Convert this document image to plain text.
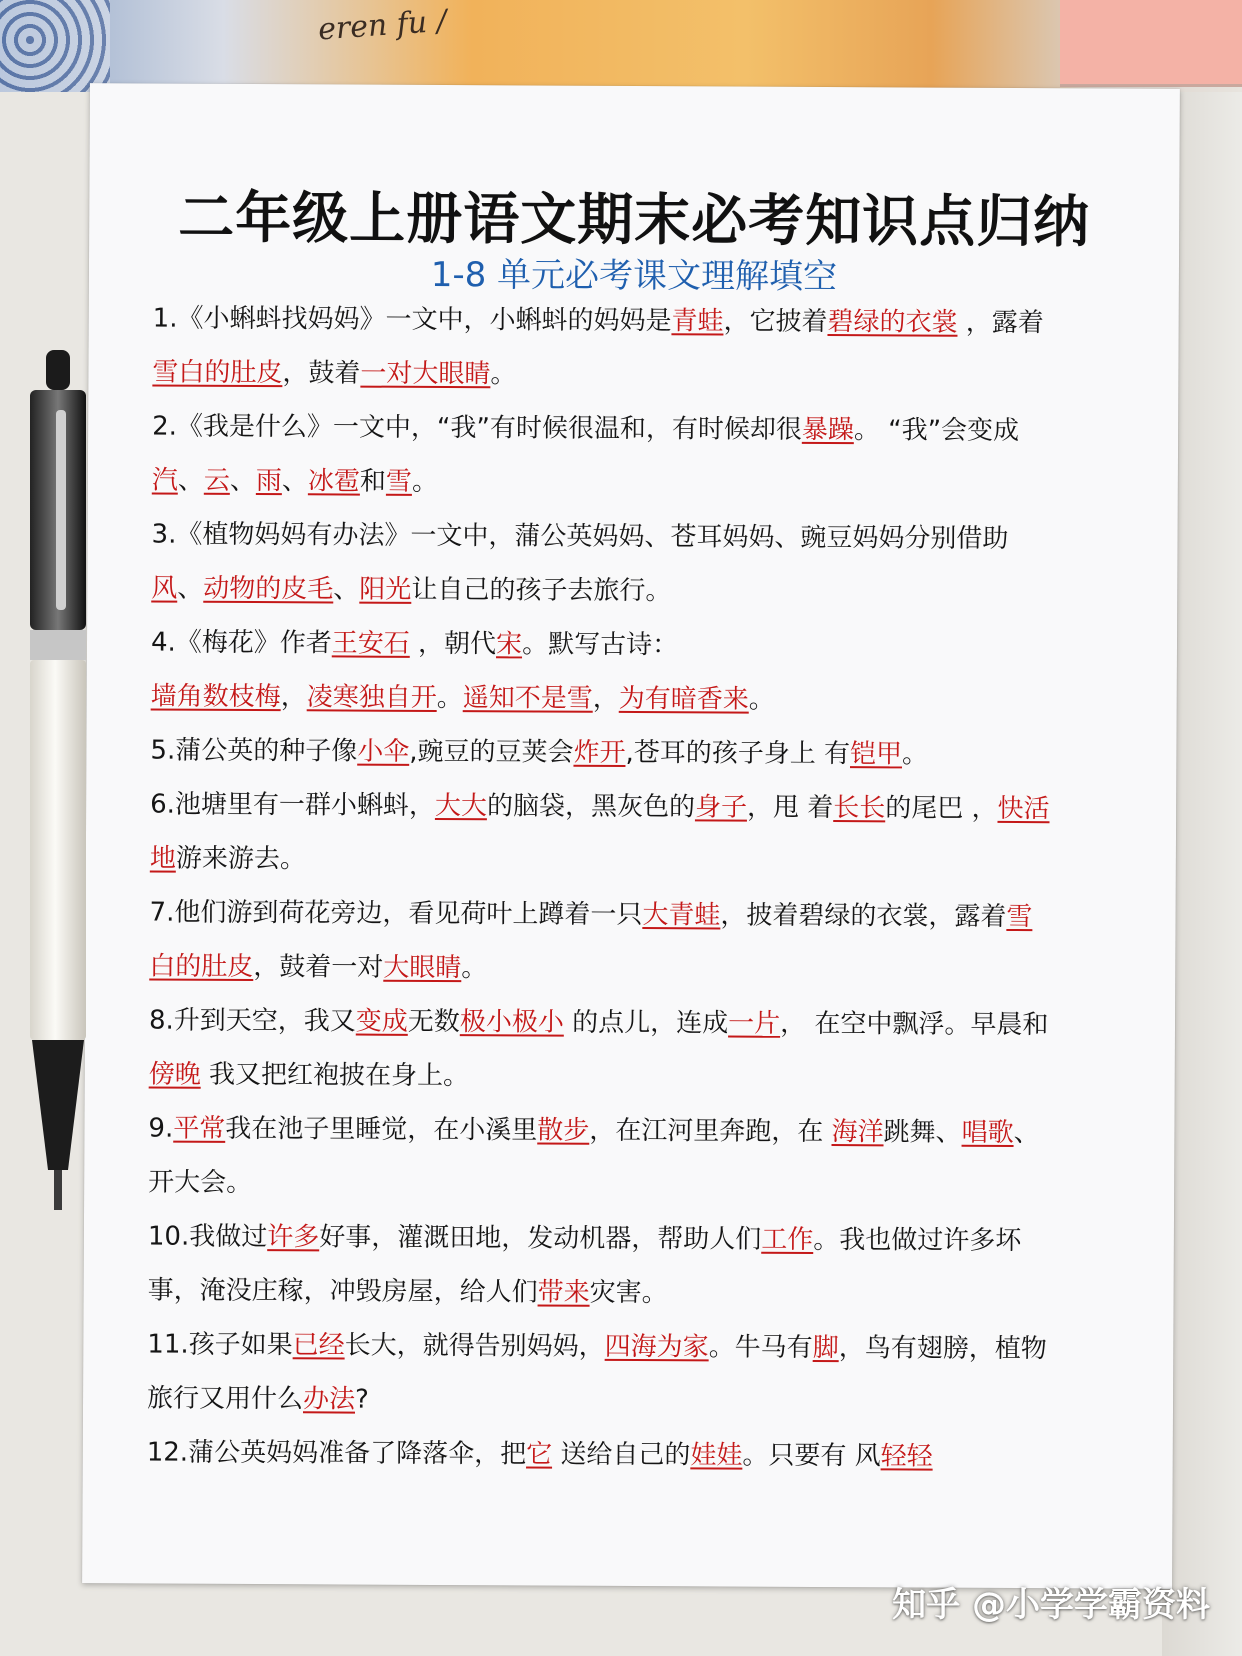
eren fu /
二年级上册语文期末必考知识点归纳
1-8 单元必考课文理解填空

1.《小蝌蚪找妈妈》一文中，小蝌蚪的妈妈是青蛙，它披着碧绿的衣裳 ，露着雪白的肚皮，鼓着一对大眼睛。

2.《我是什么》一文中，“我”有时候很温和，有时候却很暴躁。 “我”会变成汽、云、雨、冰雹和雪。

3.《植物妈妈有办法》一文中，蒲公英妈妈、苍耳妈妈、豌豆妈妈分别借助 风、动物的皮毛、阳光让自己的孩子去旅行。

4.《梅花》作者王安石 ，朝代宋。默写古诗：
墙角数枝梅，凌寒独自开。遥知不是雪，为有暗香来。

5.蒲公英的种子像小伞,豌豆的豆荚会炸开,苍耳的孩子身上 有铠甲。

6.池塘里有一群小蝌蚪，大大的脑袋，黑灰色的身子，甩 着长长的尾巴 ，快活地游来游去。

7.他们游到荷花旁边，看见荷叶上蹲着一只大青蛙，披着碧绿的衣裳，露着雪白的肚皮，鼓着一对大眼睛。

8.升到天空，我又变成无数极小极小 的点儿，连成一片， 在空中飘浮。早晨和傍晚 我又把红袍披在身上。

9.平常我在池子里睡觉，在小溪里散步，在江河里奔跑，在 海洋跳舞、唱歌、开大会。

10.我做过许多好事，灌溉田地，发动机器，帮助人们工作。我也做过许多坏事，淹没庄稼，冲毁房屋，给人们带来灾害。

11.孩子如果已经长大，就得告别妈妈，四海为家。牛马有脚，鸟有翅膀，植物旅行又用什么办法?

12.蒲公英妈妈准备了降落伞，把它 送给自己的娃娃。只要有 风轻轻

知乎 @小学学霸资料
